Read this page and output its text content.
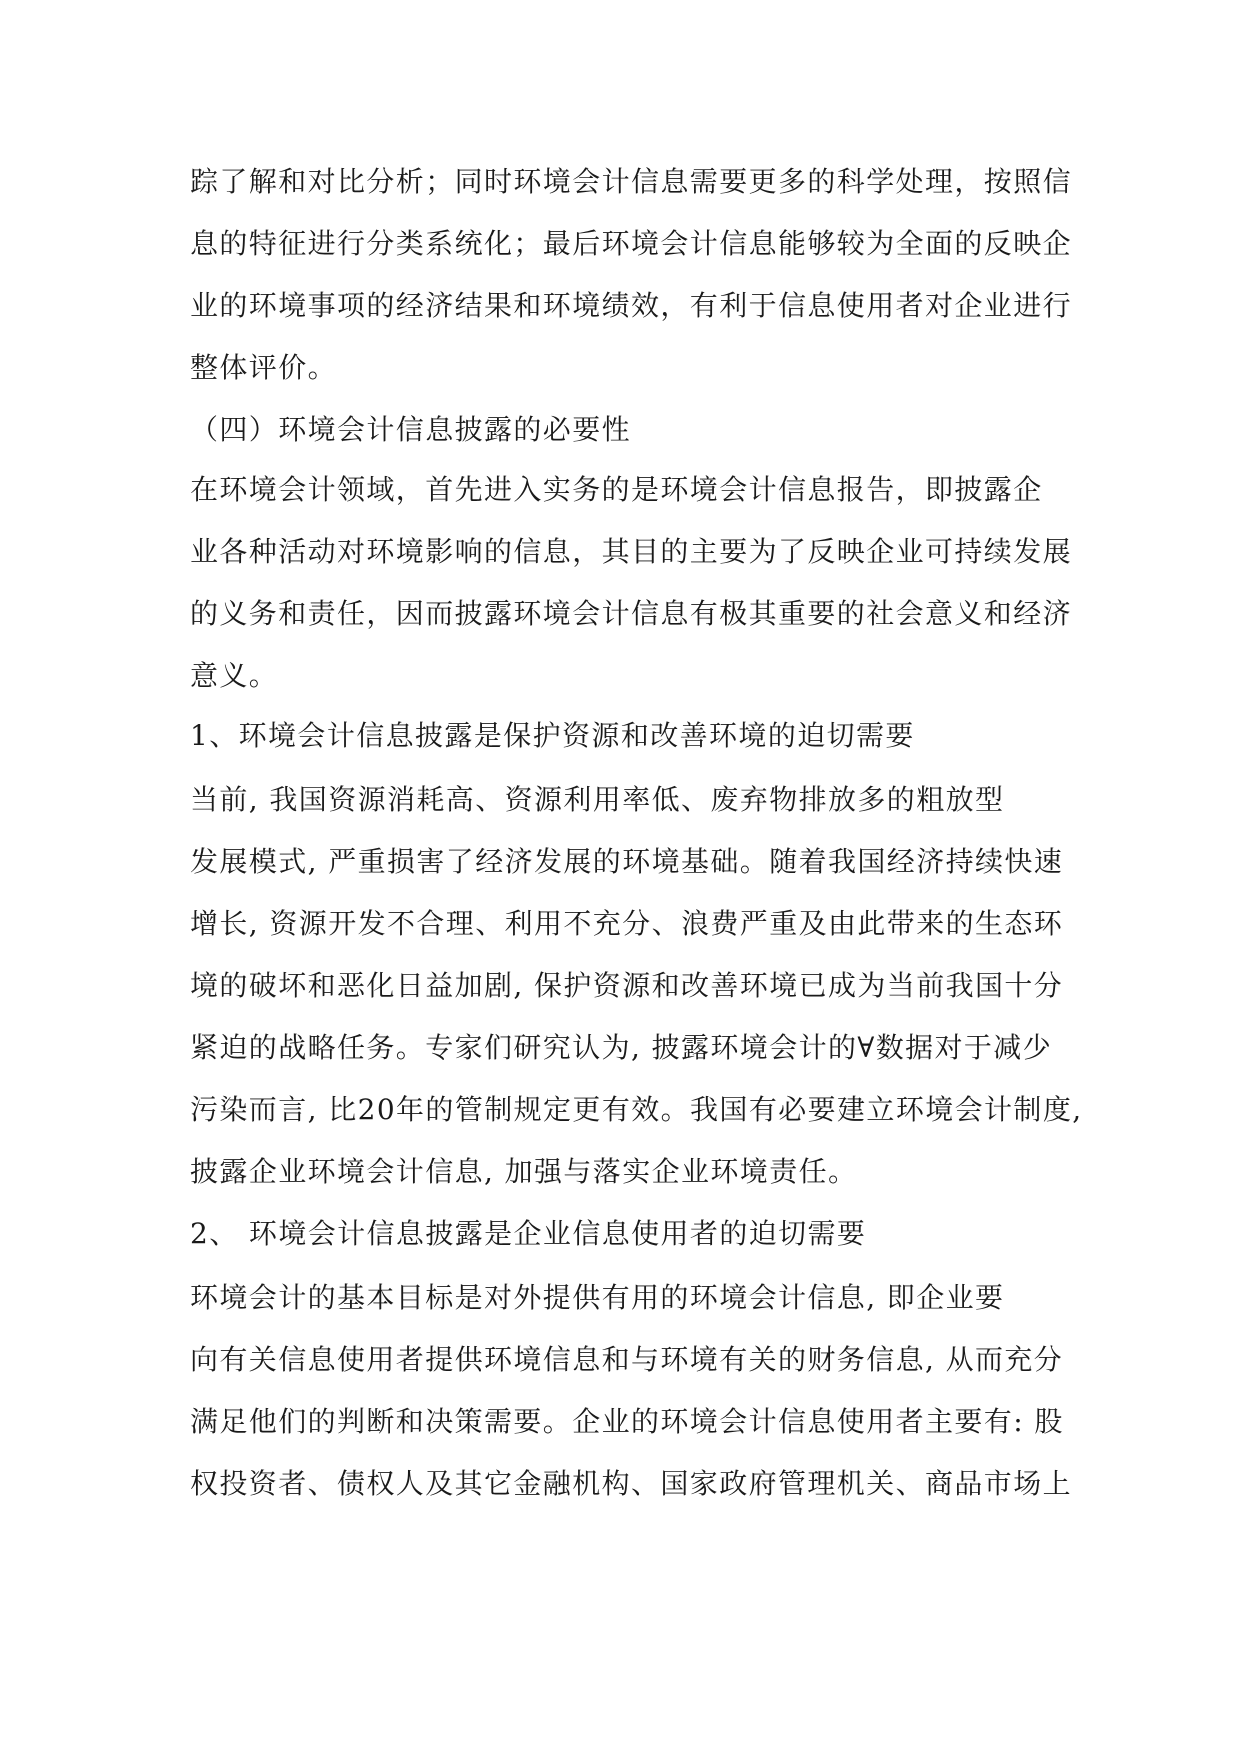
踪了解和对比分析；同时环境会计信息需要更多的科学处理，按照信
息的特征进行分类系统化；最后环境会计信息能够较为全面的反映企
业的环境事项的经济结果和环境绩效，有利于信息使用者对企业进行
整体评价。
（四）环境会计信息披露的必要性
在环境会计领域，首先进入实务的是环境会计信息报告，即披露企
业各种活动对环境影响的信息，其目的主要为了反映企业可持续发展
的义务和责任，因而披露环境会计信息有极其重要的社会意义和经济
意义。
1、环境会计信息披露是保护资源和改善环境的迫切需要
当前, 我国资源消耗高、资源利用率低、废弃物排放多的粗放型
发展模式, 严重损害了经济发展的环境基础。随着我国经济持续快速
增长, 资源开发不合理、利用不充分、浪费严重及由此带来的生态环
境的破坏和恶化日益加剧, 保护资源和改善环境已成为当前我国十分
紧迫的战略任务。专家们研究认为, 披露环境会计的∀数据对于减少
污染而言, 比20年的管制规定更有效。我国有必要建立环境会计制度,
披露企业环境会计信息, 加强与落实企业环境责任。
2、 环境会计信息披露是企业信息使用者的迫切需要
环境会计的基本目标是对外提供有用的环境会计信息, 即企业要
向有关信息使用者提供环境信息和与环境有关的财务信息, 从而充分
满足他们的判断和决策需要。企业的环境会计信息使用者主要有: 股
权投资者、债权人及其它金融机构、国家政府管理机关、商品市场上
